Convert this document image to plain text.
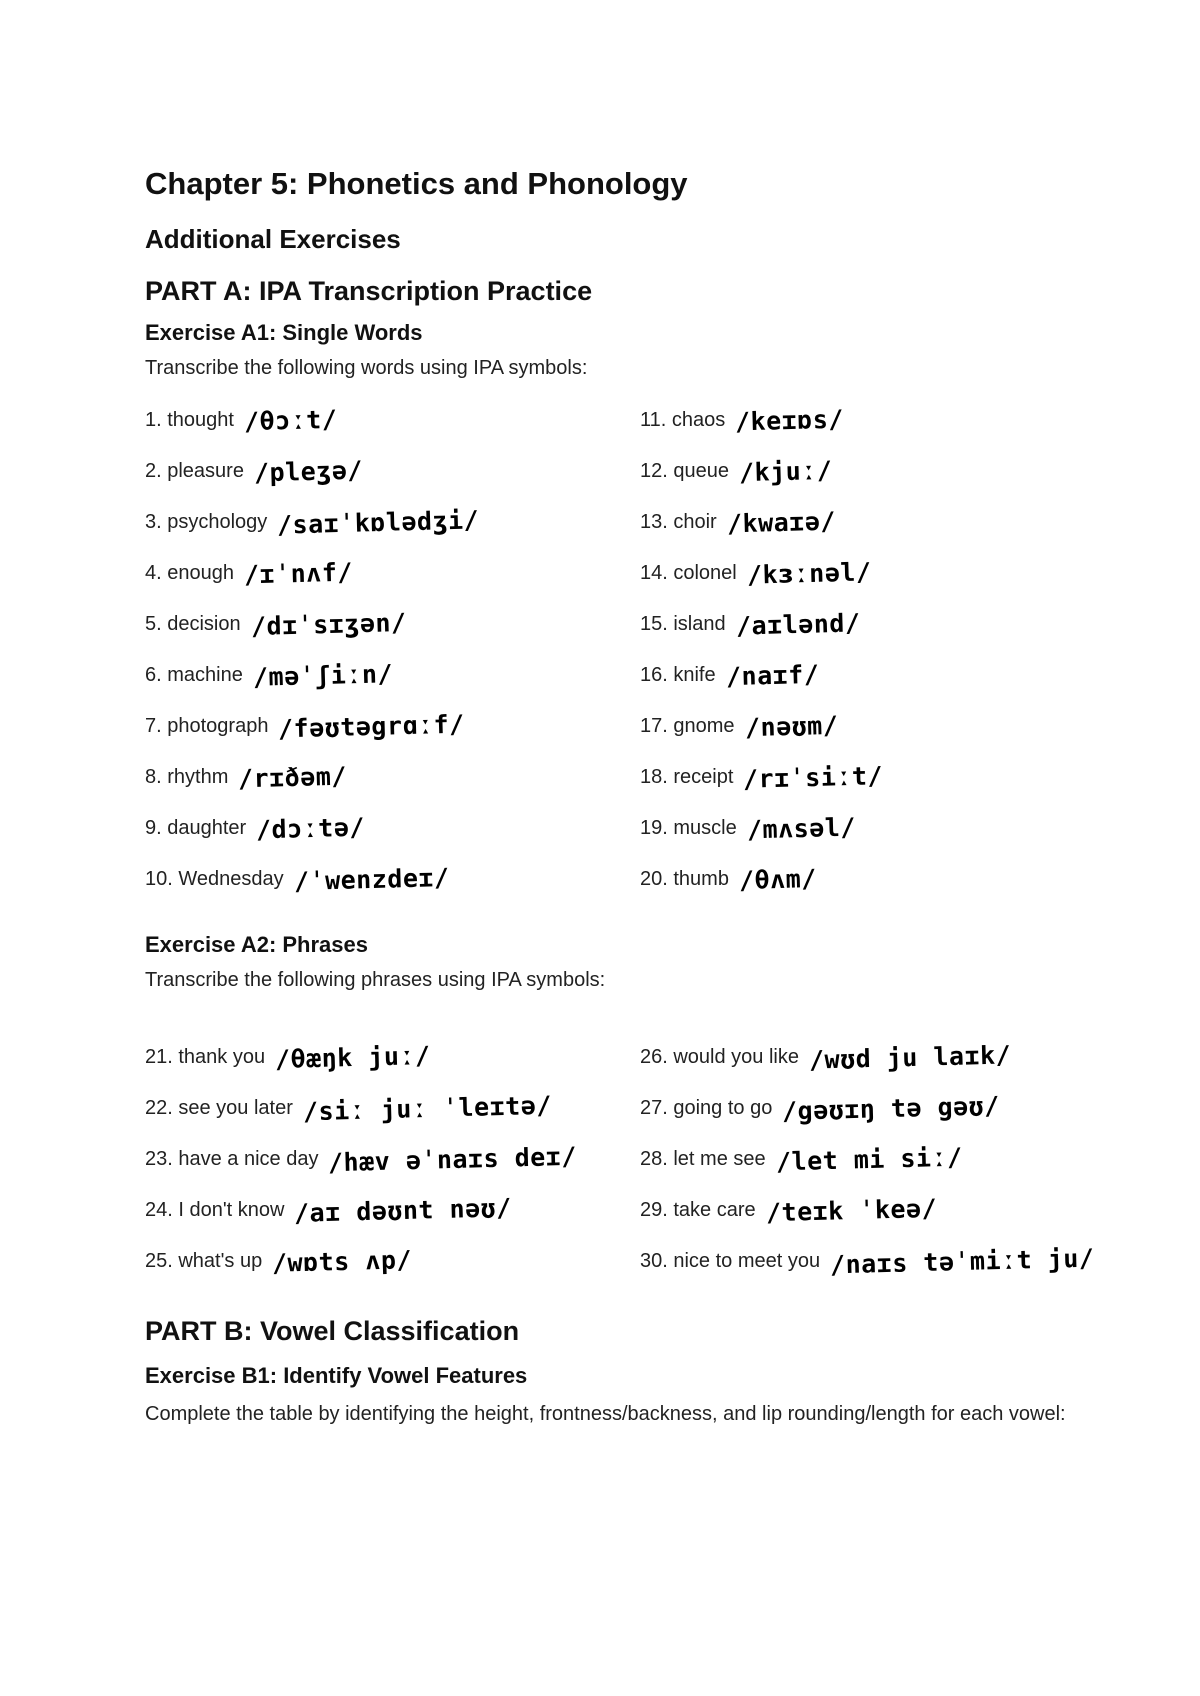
Chapter 5: Phonetics and Phonology
Additional Exercises
PART A: IPA Transcription Practice
Exercise A1: Single Words

Transcribe the following words using IPA symbols:

1. thought /θɔːt/
2. pleasure /pleʒə/
3. psychology /saɪˈkɒlədʒi/
4. enough /ɪˈnʌf/
5. decision /dɪˈsɪʒən/
6. machine /məˈʃiːn/
7. photograph /fəʊtəgrɑːf/
8. rhythm /rɪðəm/
9. daughter /dɔːtə/
10. Wednesday /ˈwenzdeɪ/
11. chaos /keɪɒs/
12. queue /kjuː/
13. choir /kwaɪə/
14. colonel /kɜːnəl/
15. island /aɪlənd/
16. knife /naɪf/
17. gnome /nəʊm/
18. receipt /rɪˈsiːt/
19. muscle /mʌsəl/
20. thumb /θʌm/
Exercise A2: Phrases

Transcribe the following phrases using IPA symbols:

21. thank you /θæŋk juː/
22. see you later /siː juː ˈleɪtə/
23. have a nice day /hæv əˈnaɪs deɪ/
24. I don't know /aɪ dəʊnt nəʊ/
25. what's up /wɒts ʌp/
26. would you like /wʊd ju laɪk/
27. going to go /gəʊɪŋ tə gəʊ/
28. let me see /let mi siː/
29. take care /teɪk ˈkeə/
30. nice to meet you /naɪs təˈmiːt ju/
PART B: Vowel Classification
Exercise B1: Identify Vowel Features

Complete the table by identifying the height, frontness/backness, and lip rounding/length for each vowel:
